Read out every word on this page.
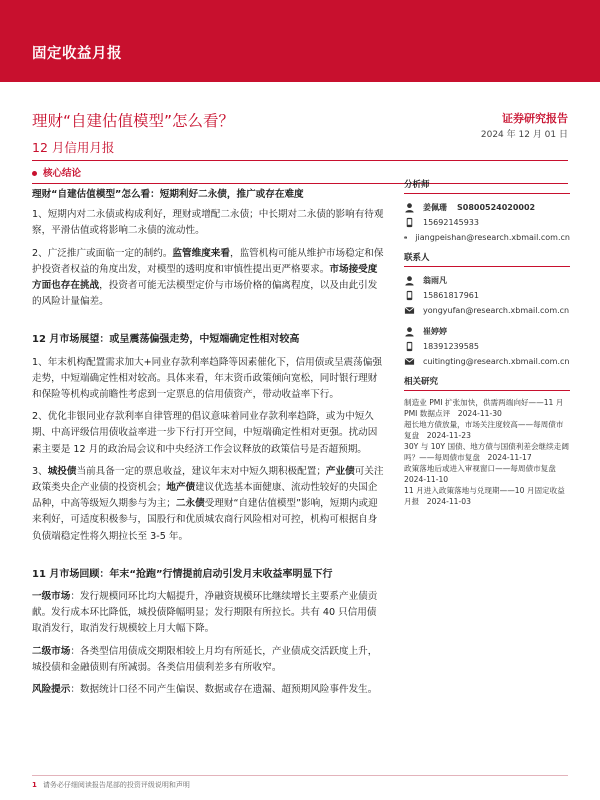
固定收益月报
理财“自建估值模型”怎么看？	证券研究报告
2024 年 12 月 01 日
12 月信用月报
核心结论

理财“自建估值模型”怎么看：短期利好二永债，推广或存在难度

1、短期内对二永债或构成利好，理财或增配二永债；中长期对二永债的影响有待观察，平滑估值或将影响二永债的流动性。

2、广泛推广或面临一定的制约。监管维度来看，监管机构可能从维护市场稳定和保护投资者权益的角度出发，对模型的透明度和审慎性提出更严格要求。市场接受度方面也存在挑战，投资者可能无法模型定价与市场价格的偏离程度，以及由此引发的风险计量偏差。

12 月市场展望：或呈震荡偏强走势，中短端确定性相对较高

1、年末机构配置需求加大+同业存款利率趋降等因素催化下，信用债或呈震荡偏强走势，中短端确定性相对较高。具体来看，年末资币政策倾向宽松，同时银行理财和保险等机构或前瞻性考虑到一定票息的信用债资产，带动收益率下行。

2、优化非银同业存款利率自律管理的倡议意味着同业存款利率趋降，或为中短久期、中高评级信用债收益率进一步下行打开空间，中短端确定性相对更强。扰动因素主要是 12 月的政治局会议和中央经济工作会议释放的政策信号是否超预期。

3、城投债当前具备一定的票息收益，建议年末对中短久期积极配置；产业债可关注政策类央企产业债的投资机会；地产债建议优选基本面健康、流动性较好的央国企品种，中高等级短久期参与为主；二永债受理财“自建估值模型”影响，短期内或迎来利好，可适度积极参与，国股行和优质城农商行风险相对可控，机构可根据自身负债端稳定性将久期拉长至 3-5 年。

11 月市场回顾：年末“抢跑”行情提前启动引发月末收益率明显下行

一级市场：发行规模同环比均大幅提升，净融资规模环比继续增长主要系产业债贡献。发行成本环比降低，城投债降幅明显；发行期限有所拉长。共有 40 只信用债取消发行，取消发行规模较上月大幅下降。

二级市场：各类型信用债成交期限相较上月均有所延长，产业债成交活跃度上升，城投债和金融债则有所减弱。各类信用债利差多有所收窄。

风险提示：数据统计口径不同产生偏误、数据或存在遗漏、超预期风险事件发生。

分析师
姜佩珊 S0800524020002
15692145933
jiangpeishan@research.xbmail.com.cn
联系人
翁雨凡
15861817961
yongyufan@research.xbmail.com.cn
崔婷婷
18391239585
cuitingting@research.xbmail.com.cn
相关研究
制造业 PMI 扩张加快，供需两端向好——11 月 PMI 数据点评　2024-11-30
超长地方债放量，市场关注度较高——每周债市复盘　2024-11-23
30Y 与 10Y 国债、地方债与国债利差会继续走阔吗？——每周债市复盘　2024-11-17
政策落地后或进入审视窗口——每周债市复盘　2024-11-10
11 月进入政策落地与兑现期——10 月固定收益月报　2024-11-03
1 请务必仔细阅读报告尾部的投资评级说明和声明
